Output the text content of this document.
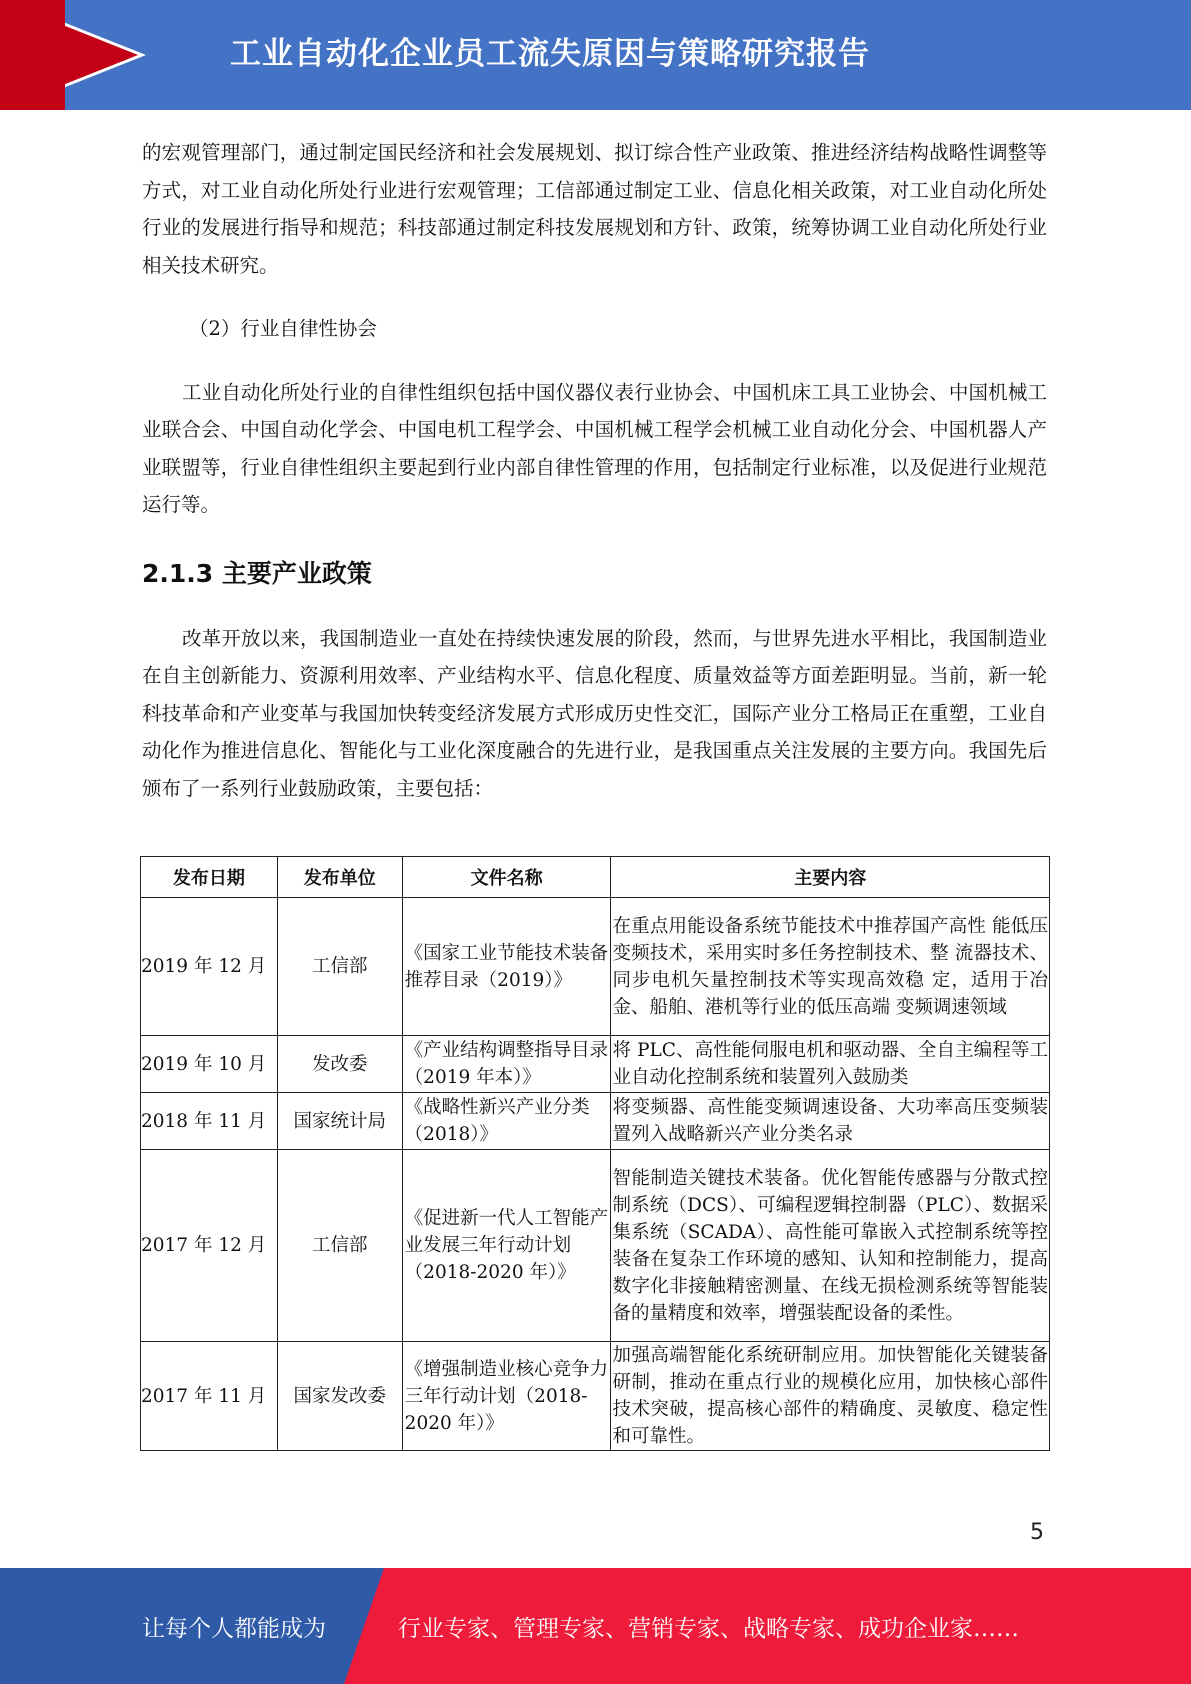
工业自动化企业员工流失原因与策略研究报告

的宏观管理部门，通过制定国民经济和社会发展规划、拟订综合性产业政策、推进经济结构战略性调整等方式，对工业自动化所处行业进行宏观管理；工信部通过制定工业、信息化相关政策，对工业自动化所处行业的发展进行指导和规范；科技部通过制定科技发展规划和方针、政策，统筹协调工业自动化所处行业相关技术研究。

（2）行业自律性协会

工业自动化所处行业的自律性组织包括中国仪器仪表行业协会、中国机床工具工业协会、中国机械工业联合会、中国自动化学会、中国电机工程学会、中国机械工程学会机械工业自动化分会、中国机器人产业联盟等，行业自律性组织主要起到行业内部自律性管理的作用，包括制定行业标准，以及促进行业规范运行等。

2.1.3 主要产业政策

改革开放以来，我国制造业一直处在持续快速发展的阶段，然而，与世界先进水平相比，我国制造业在自主创新能力、资源利用效率、产业结构水平、信息化程度、质量效益等方面差距明显。当前，新一轮科技革命和产业变革与我国加快转变经济发展方式形成历史性交汇，国际产业分工格局正在重塑，工业自动化作为推进信息化、智能化与工业化深度融合的先进行业，是我国重点关注发展的主要方向。我国先后颁布了一系列行业鼓励政策，主要包括：

发布日期	发布单位	文件名称	主要内容
2019 年 12 月	工信部	《国家工业节能技术装备推荐目录（2019）》	在重点用能设备系统节能技术中推荐国产高性 能低压变频技术，采用实时多任务控制技术、整 流器技术、同步电机矢量控制技术等实现高效稳 定，适用于冶金、船舶、港机等行业的低压高端 变频调速领域
2019 年 10 月	发改委	《产业结构调整指导目录（2019 年本）》	将 PLC、高性能伺服电机和驱动器、全自主编程等工业自动化控制系统和装置列入鼓励类
2018 年 11 月	国家统计局	《战略性新兴产业分类（2018）》	将变频器、高性能变频调速设备、大功率高压变频装置列入战略新兴产业分类名录
2017 年 12 月	工信部	《促进新一代人工智能产业发展三年行动计划（2018-2020 年）》	智能制造关键技术装备。优化智能传感器与分散式控制系统（DCS）、可编程逻辑控制器（PLC）、数据采集系统（SCADA）、高性能可靠嵌入式控制系统等控装备在复杂工作环境的感知、认知和控制能力，提高数字化非接触精密测量、在线无损检测系统等智能装备的量精度和效率，增强装配设备的柔性。
2017 年 11 月	国家发改委	《增强制造业核心竞争力三年行动计划（2018-2020 年）》	加强高端智能化系统研制应用。加快智能化关键装备研制，推动在重点行业的规模化应用，加快核心部件技术突破，提高核心部件的精确度、灵敏度、稳定性和可靠性。
5
让每个人都能成为	行业专家、管理专家、营销专家、战略专家、成功企业家……
